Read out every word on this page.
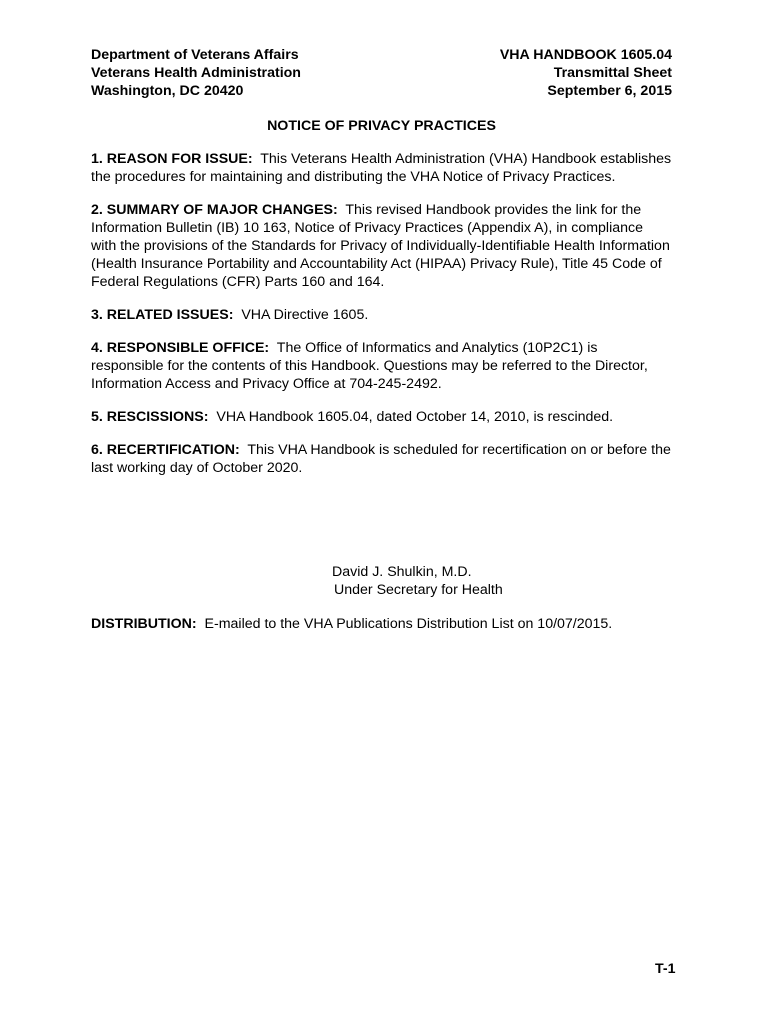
Department of Veterans Affairs
Veterans Health Administration
Washington, DC 20420
VHA HANDBOOK 1605.04
Transmittal Sheet
September 6, 2015
NOTICE OF PRIVACY PRACTICES
1. REASON FOR ISSUE: This Veterans Health Administration (VHA) Handbook establishes the procedures for maintaining and distributing the VHA Notice of Privacy Practices.
2. SUMMARY OF MAJOR CHANGES: This revised Handbook provides the link for the Information Bulletin (IB) 10 163, Notice of Privacy Practices (Appendix A), in compliance with the provisions of the Standards for Privacy of Individually-Identifiable Health Information (Health Insurance Portability and Accountability Act (HIPAA) Privacy Rule), Title 45 Code of Federal Regulations (CFR) Parts 160 and 164.
3. RELATED ISSUES: VHA Directive 1605.
4. RESPONSIBLE OFFICE: The Office of Informatics and Analytics (10P2C1) is responsible for the contents of this Handbook. Questions may be referred to the Director, Information Access and Privacy Office at 704-245-2492.
5. RESCISSIONS: VHA Handbook 1605.04, dated October 14, 2010, is rescinded.
6. RECERTIFICATION: This VHA Handbook is scheduled for recertification on or before the last working day of October 2020.
David J. Shulkin, M.D.
Under Secretary for Health
DISTRIBUTION: E-mailed to the VHA Publications Distribution List on 10/07/2015.
T-1
